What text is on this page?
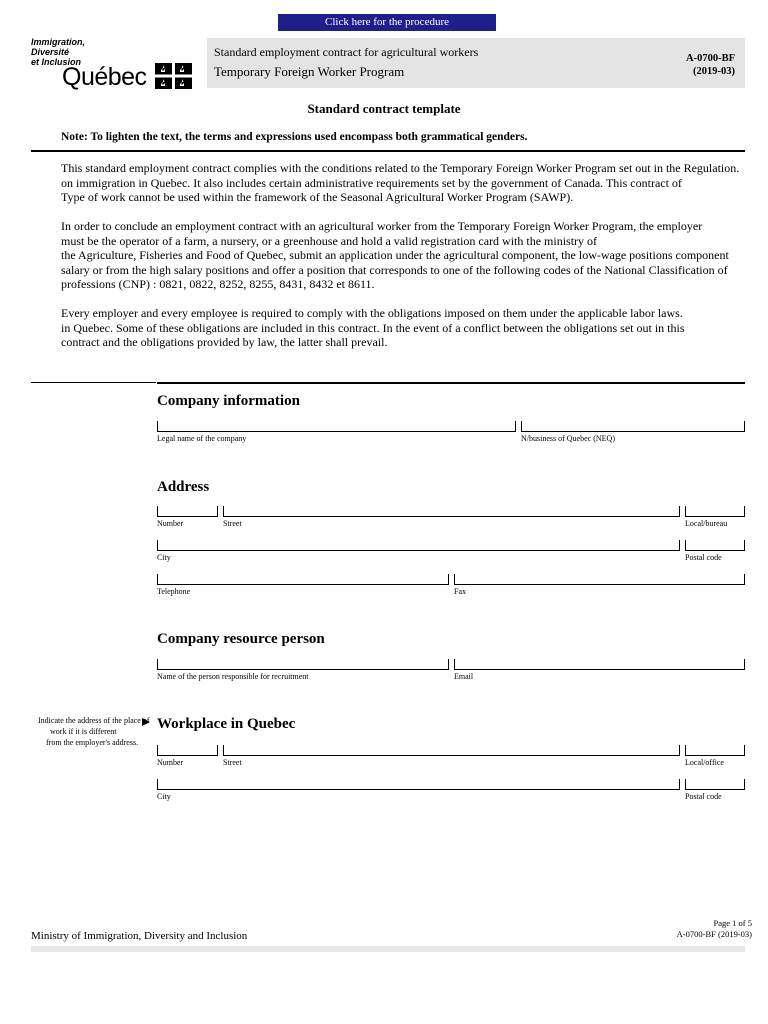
Click here for the procedure
Immigration,
Diversité
et Inclusion
Québec
Standard employment contract for agricultural workers
Temporary Foreign Worker Program
A-0700-BF
(2019-03)
Standard contract template
Note: To lighten the text, the terms and expressions used encompass both grammatical genders.
This standard employment contract complies with the conditions related to the Temporary Foreign Worker Program set out in the Regulation.
on immigration in Quebec. It also includes certain administrative requirements set by the government of Canada. This contract of
Type of work cannot be used within the framework of the Seasonal Agricultural Worker Program (SAWP).
In order to conclude an employment contract with an agricultural worker from the Temporary Foreign Worker Program, the employer
must be the operator of a farm, a nursery, or a greenhouse and hold a valid registration card with the ministry of
the Agriculture, Fisheries and Food of Quebec, submit an application under the agricultural component, the low-wage positions component
salary or from the high salary positions and offer a position that corresponds to one of the following codes of the National Classification of
professions (CNP) : 0821, 0822, 8252, 8255, 8431, 8432 et 8611.
Every employer and every employee is required to comply with the obligations imposed on them under the applicable labor laws.
in Quebec. Some of these obligations are included in this contract. In the event of a conflict between the obligations set out in this
contract and the obligations provided by law, the latter shall prevail.
Company information
Legal name of the company	N/business of Quebec (NEQ)
Address
Number	Street	Local/bureau
City	Postal code
Telephone	Fax
Company resource person
Name of the person responsible for recruitment	Email
Indicate the address of the place of
work if it is different
from the employer's address.
Workplace in Quebec
Number	Street	Local/office
City	Postal code
Ministry of Immigration, Diversity and Inclusion
Page 1 of 5
A-0700-BF (2019-03)
